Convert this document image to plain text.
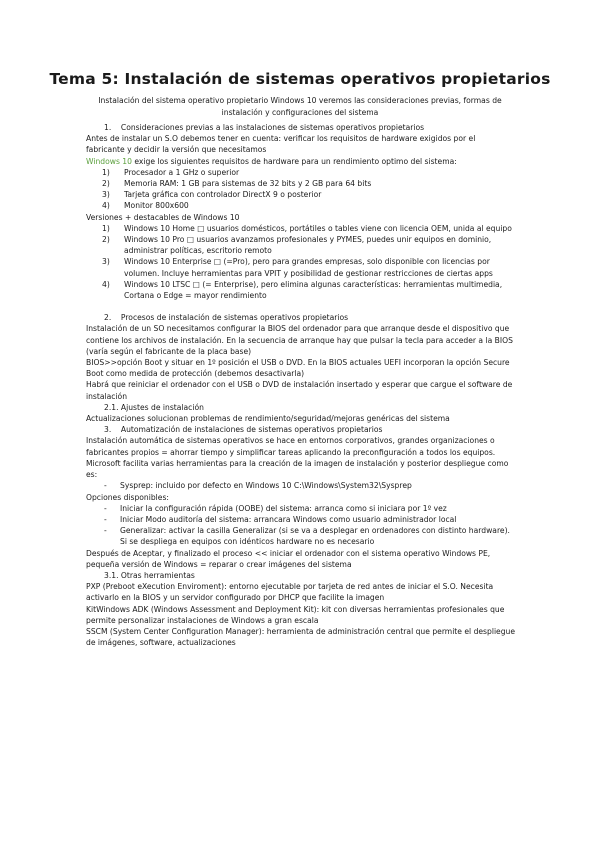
Tema 5: Instalación de sistemas operativos propietarios

Instalación del sistema operativo propietario Windows 10 veremos las consideraciones previas, formas de instalación y configuraciones del sistema

1.    Consideraciones previas a las instalaciones de sistemas operativos propietarios
Antes de instalar un S.O debemos tener en cuenta: verificar los requisitos de hardware exigidos por el fabricante y decidir la versión que necesitamos
Windows 10 exige los siguientes requisitos de hardware para un rendimiento optimo del sistema:
1)	Procesador a 1 GHz o superior
2)	Memoria RAM: 1 GB para sistemas de 32 bits y 2 GB para 64 bits
3)	Tarjeta gráfica con controlador DirectX 9 o posterior
4)	Monitor 800x600
Versiones + destacables de Windows 10
1)	Windows 10 Home □ usuarios domésticos, portátiles o tables viene con licencia OEM, unida al equipo
2)	Windows 10 Pro □ usuarios avanzamos profesionales y PYMES, puedes unir equipos en dominio, administrar políticas, escritorio remoto
3)	Windows 10 Enterprise □ (=Pro), pero para grandes empresas, solo disponible con licencias por volumen. Incluye herramientas para VPIT y posibilidad de gestionar restricciones de ciertas apps
4)	Windows 10 LTSC □ (= Enterprise), pero elimina algunas características: herramientas multimedia, Cortana o Edge = mayor rendimiento
2.    Procesos de instalación de sistemas operativos propietarios
Instalación de un SO necesitamos configurar la BIOS del ordenador para que arranque desde el dispositivo que contiene los archivos de instalación. En la secuencia de arranque hay que pulsar la tecla para acceder a la BIOS (varía según el fabricante de la placa base)
BIOS>>opción Boot y situar en 1º posición el USB o DVD. En la BIOS actuales UEFI incorporan la opción Secure Boot como medida de protección (debemos desactivarla)
Habrá que reiniciar el ordenador con el USB o DVD de instalación insertado y esperar que cargue el software de instalación
2.1. Ajustes de instalación
Actualizaciones solucionan problemas de rendimiento/seguridad/mejoras genéricas del sistema
3.    Automatización de instalaciones de sistemas operativos propietarios
Instalación automática de sistemas operativos se hace en entornos corporativos, grandes organizaciones o fabricantes propios = ahorrar tiempo y simplificar tareas aplicando la preconfiguración a todos los equipos.
Microsoft facilita varias herramientas para la creación de la imagen de instalación y posterior despliegue como es:
-	Sysprep: incluido por defecto en Windows 10 C:\Windows\System32\Sysprep
Opciones disponibles:
-	Iniciar la configuración rápida (OOBE) del sistema: arranca como si iniciara por 1º vez
-	Iniciar Modo auditoría del sistema: arrancara Windows como usuario administrador local
-	Generalizar: activar la casilla Generalizar (si se va a desplegar en ordenadores con distinto hardware). Si se despliega en equipos con idénticos hardware no es necesario
Después de Aceptar, y finalizado el proceso << iniciar el ordenador con el sistema operativo Windows PE, pequeña versión de Windows = reparar o crear imágenes del sistema
3.1. Otras herramientas
PXP (Preboot eXecution Enviroment): entorno ejecutable por tarjeta de red antes de iniciar el S.O. Necesita activarlo en la BIOS y un servidor configurado por DHCP que facilite la imagen
KitWindows ADK (Windows Assessment and Deployment Kit): kit con diversas herramientas profesionales que permite personalizar instalaciones de Windows a gran escala
SSCM (System Center Configuration Manager): herramienta de administración central que permite el despliegue de imágenes, software, actualizaciones
